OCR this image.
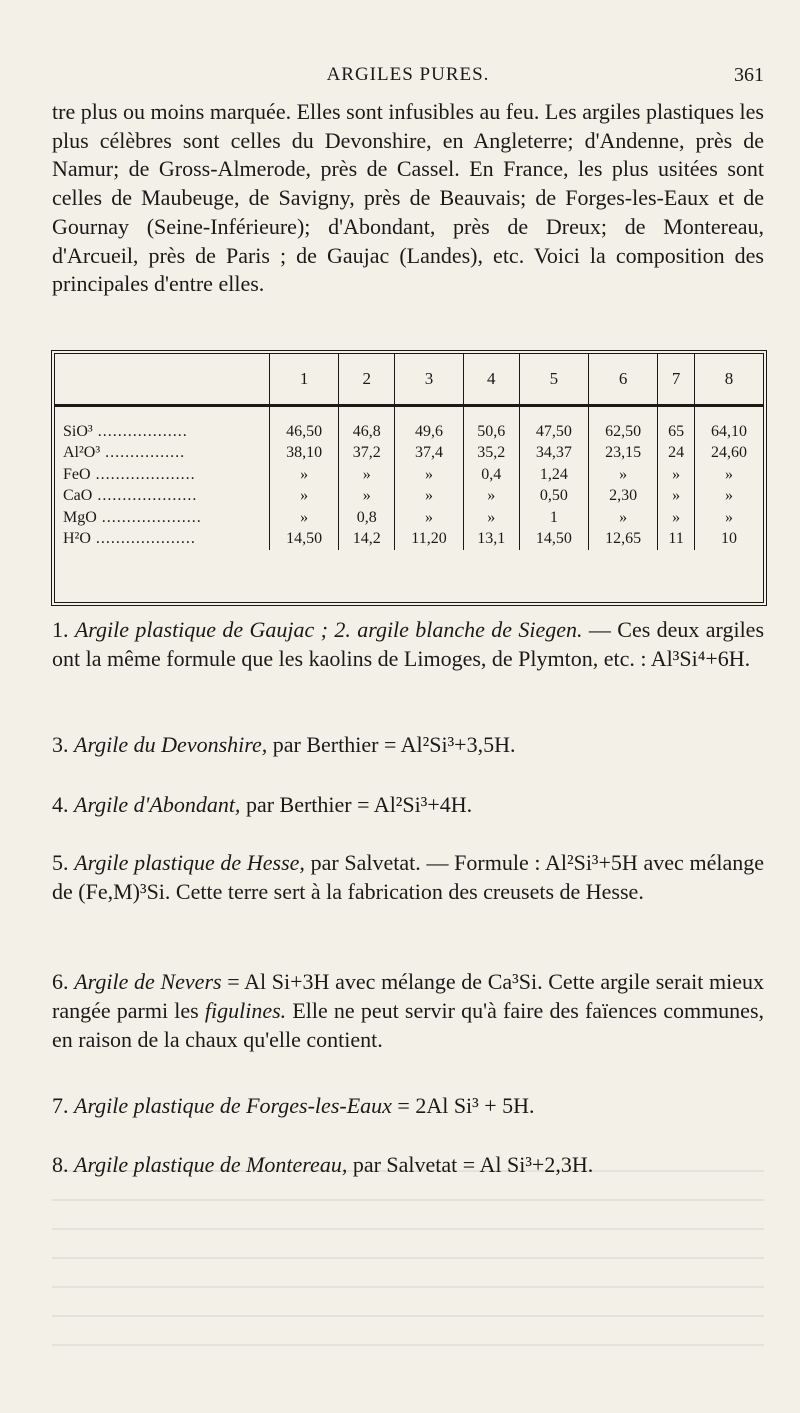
ARGILES PURES.	361

tre plus ou moins marquée. Elles sont infusibles au feu. Les argiles plastiques les plus célèbres sont celles du Devonshire, en Angleterre; d'Andenne, près de Namur; de Gross-Almerode, près de Cassel. En France, les plus usitées sont celles de Maubeuge, de Savigny, près de Beauvais; de Forges-les-Eaux et de Gournay (Seine-Inférieure); d'Abondant, près de Dreux; de Montereau, d'Arcueil, près de Paris ; de Gaujac (Landes), etc. Voici la composition des principales d'entre elles.

	1	2	3	4	5	6	7	8
SiO³ ..................	46,50	46,8	49,6	50,6	47,50	62,50	65	64,10
Al²O³ ................	38,10	37,2	37,4	35,2	34,37	23,15	24	24,60
FeO ....................	»	»	»	0,4	1,24	»	»	»
CaO ....................	»	»	»	»	0,50	2,30	»	»
MgO ....................	»	0,8	»	»	1	»	»	»
H²O ....................	14,50	14,2	11,20	13,1	14,50	12,65	11	10

1. Argile plastique de Gaujac ; 2. argile blanche de Siegen. — Ces deux argiles ont la même formule que les kaolins de Limoges, de Plymton, etc. : Al³Si⁴+6H.

3. Argile du Devonshire, par Berthier = Al²Si³+3,5H.

4. Argile d'Abondant, par Berthier = Al²Si³+4H.

5. Argile plastique de Hesse, par Salvetat. — Formule : Al²Si³+5H avec mélange de (Fe,M)³Si. Cette terre sert à la fabrication des creusets de Hesse.

6. Argile de Nevers = Al Si+3H avec mélange de Ca³Si. Cette argile serait mieux rangée parmi les figulines. Elle ne peut servir qu'à faire des faïences communes, en raison de la chaux qu'elle contient.

7. Argile plastique de Forges-les-Eaux = 2Al Si³ + 5H.

8. Argile plastique de Montereau, par Salvetat = Al Si³+2,3H.
